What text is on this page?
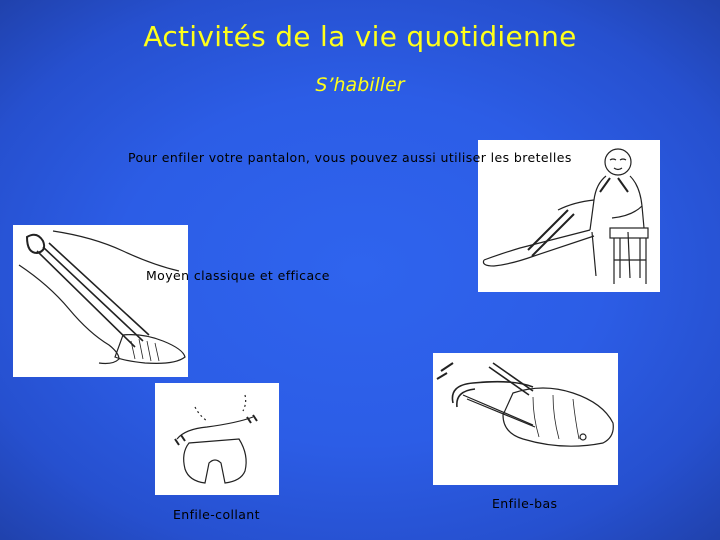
Activités de la vie quotidienne
S’habiller
Pour enfiler votre pantalon, vous pouvez aussi utiliser les bretelles
Moyen classique et efficace
Enfile-collant
Enfile-bas
